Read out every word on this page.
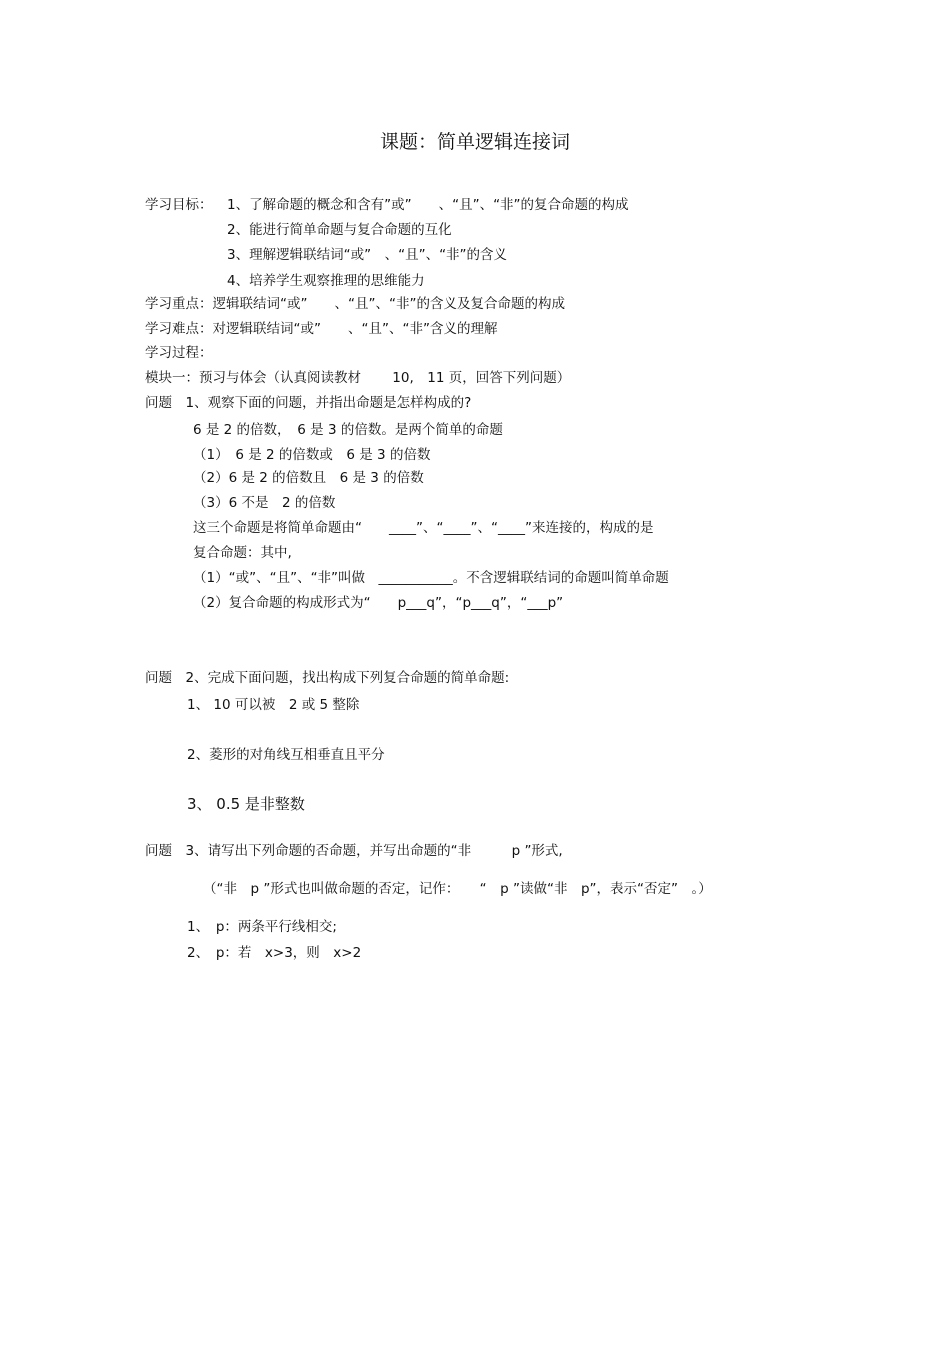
课题：简单逻辑连接词
学习目标： 1、了解命题的概念和含有”或”　　、“且”、“非”的复合命题的构成
2、能进行简单命题与复合命题的互化
3、理解逻辑联结词“或”　、“且”、“非”的含义
4、培养学生观察推理的思维能力
学习重点：逻辑联结词“或”　　、“且”、“非”的含义及复合命题的构成
学习难点：对逻辑联结词“或”　　、“且”、“非”含义的理解
学习过程：
模块一：预习与体会（认真阅读教材　　 10,　11 页，回答下列问题）
问题　1、观察下面的问题，并指出命题是怎样构成的?
6 是 2 的倍数，　6 是 3 的倍数。是两个简单的命题
（1）　6 是 2 的倍数或　6 是 3 的倍数
（2）6 是 2 的倍数且　6 是 3 的倍数
（3）6 不是　2 的倍数
这三个命题是将简单命题由“　　____”、“____”、“____”来连接的，构成的是
复合命题：其中,
（1）“或”、“且”、“非”叫做　___________。不含逻辑联结词的命题叫简单命题
（2）复合命题的构成形式为“　　p___q”，“p___q”，“___p”
问题　2、完成下面问题，找出构成下列复合命题的简单命题:
1、 10 可以被　2 或 5 整除
2、菱形的对角线互相垂直且平分
3、 0.5 是非整数
问题　3、请写出下列命题的否命题，并写出命题的“非　　　p ”形式,
（“非　p ”形式也叫做命题的否定，记作：　　“　p ”读做“非　p”，表示“否定”　。）
1、　p：两条平行线相交;
2、　p：若　x>3，则　x>2
